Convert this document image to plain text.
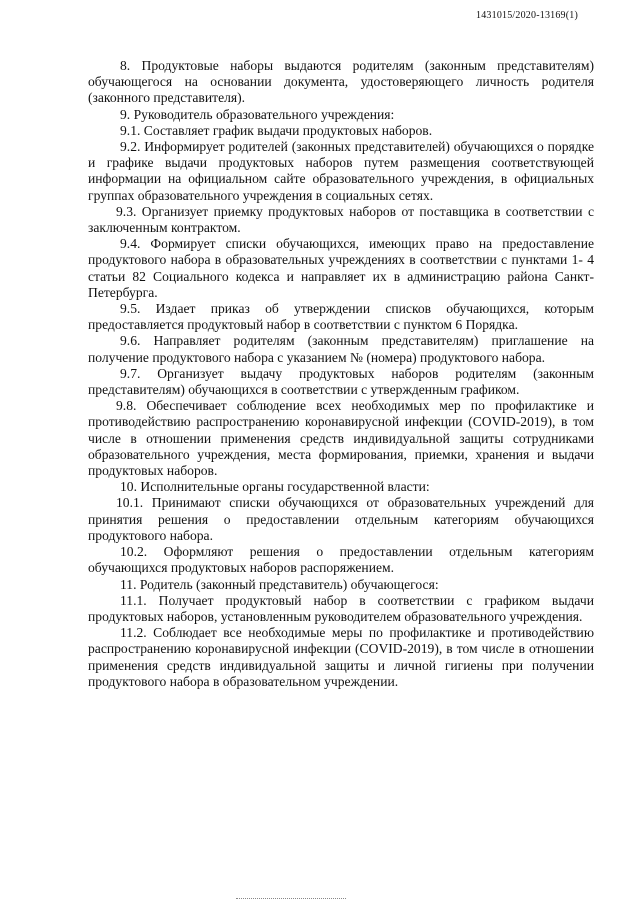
1431015/2020-13169(1)

8. Продуктовые наборы выдаются родителям (законным представителям) обучающегося на основании документа, удостоверяющего личность родителя (законного представителя).

9. Руководитель образовательного учреждения:

9.1. Составляет график выдачи продуктовых наборов.

9.2. Информирует родителей (законных представителей) обучающихся о порядке и графике выдачи продуктовых наборов путем размещения соответствующей информации на официальном сайте образовательного учреждения, в официальных группах образовательного учреждения в социальных сетях.

9.3. Организует приемку продуктовых наборов от поставщика в соответствии с заключенным контрактом.

9.4. Формирует списки обучающихся, имеющих право на предоставление продуктового набора в образовательных учреждениях в соответствии с пунктами 1- 4 статьи 82 Социального кодекса и направляет их в администрацию района Санкт-Петербурга.

9.5. Издает приказ об утверждении списков обучающихся, которым предоставляется продуктовый набор в соответствии с пунктом 6 Порядка.

9.6. Направляет родителям (законным представителям) приглашение на получение продуктового набора с указанием № (номера) продуктового набора.

9.7. Организует выдачу продуктовых наборов родителям (законным представителям) обучающихся в соответствии с утвержденным графиком.

9.8. Обеспечивает соблюдение всех необходимых мер по профилактике и противодействию распространению коронавирусной инфекции (COVID-2019), в том числе в отношении применения средств индивидуальной защиты сотрудниками образовательного учреждения, места формирования, приемки, хранения и выдачи продуктовых наборов.

10. Исполнительные органы государственной власти:

10.1. Принимают списки обучающихся от образовательных учреждений для принятия решения о предоставлении отдельным категориям обучающихся продуктового набора.

10.2. Оформляют решения о предоставлении отдельным категориям обучающихся продуктовых наборов распоряжением.

11. Родитель (законный представитель) обучающегося:

11.1. Получает продуктовый набор в соответствии с графиком выдачи продуктовых наборов, установленным руководителем образовательного учреждения.

11.2. Соблюдает все необходимые меры по профилактике и противодействию распространению коронавирусной инфекции (COVID-2019), в том числе в отношении применения средств индивидуальной защиты и личной гигиены при получении продуктового набора в образовательном учреждении.
